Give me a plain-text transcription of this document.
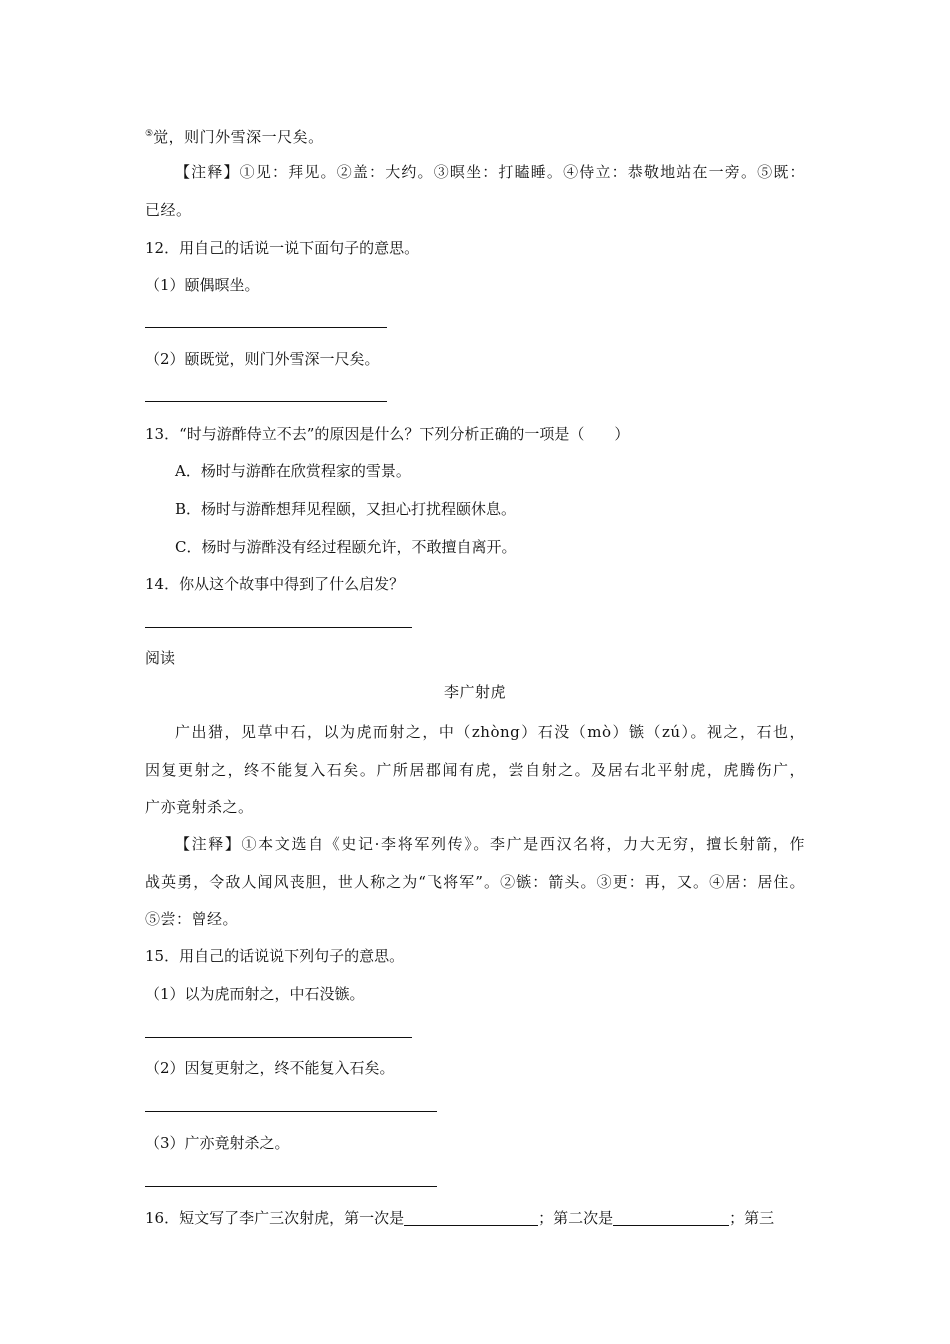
⑤觉，则门外雪深一尺矣。
【注释】①见：拜见。②盖：大约。③暝坐：打瞌睡。④侍立：恭敬地站在一旁。⑤既：
已经。
12．用自己的话说一说下面句子的意思。
（1）颐偶暝坐。
（2）颐既觉，则门外雪深一尺矣。
13．“时与游酢侍立不去”的原因是什么？下列分析正确的一项是（　　）
A．杨时与游酢在欣赏程家的雪景。
B．杨时与游酢想拜见程颐，又担心打扰程颐休息。
C．杨时与游酢没有经过程颐允许，不敢擅自离开。
14．你从这个故事中得到了什么启发？
阅读
李广射虎
广出猎，见草中石，以为虎而射之，中（zhòng）石没（mò）镞（zú）。视之，石也，
因复更射之，终不能复入石矣。广所居郡闻有虎，尝自射之。及居右北平射虎，虎腾伤广，
广亦竟射杀之。
【注释】①本文选自《史记·李将军列传》。李广是西汉名将，力大无穷，擅长射箭，作
战英勇，令敌人闻风丧胆，世人称之为“飞将军”。②镞：箭头。③更：再，又。④居：居住。
⑤尝：曾经。
15．用自己的话说说下列句子的意思。
（1）以为虎而射之，中石没镞。
（2）因复更射之，终不能复入石矣。
（3）广亦竟射杀之。
16．短文写了李广三次射虎，第一次是	；第二次是	；第三
